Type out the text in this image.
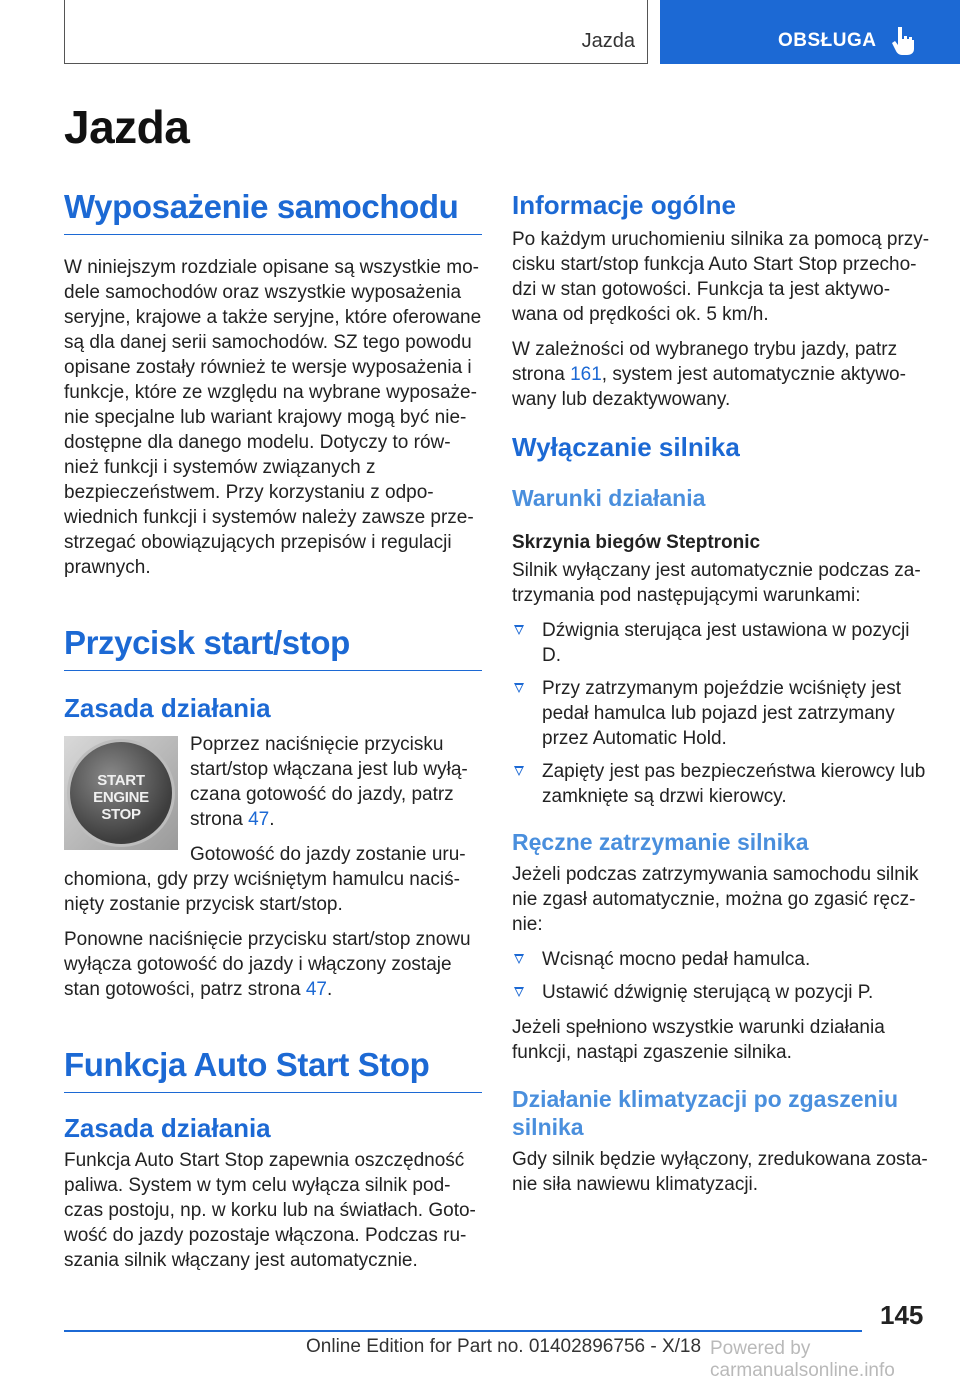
Jazda	OBSŁUGA
Jazda
Wyposażenie samochodu

W niniejszym rozdziale opisane są wszystkie mo‐dele samochodów oraz wszystkie wyposażenia seryjne, krajowe a także seryjne, które oferowane są dla danej serii samochodów. SZ tego powodu opisane zostały również te wersje wyposażenia i funkcje, które ze względu na wybrane wyposaże‐nie specjalne lub wariant krajowy mogą być nie‐dostępne dla danego modelu. Dotyczy to rów‐nież funkcji i systemów związanych z bezpieczeństwem. Przy korzystaniu z odpo‐wiednich funkcji i systemów należy zawsze prze‐strzegać obowiązujących przepisów i regulacji prawnych.

Przycisk start/stop
Zasada działania
START
ENGINE
STOP

Poprzez naciśnięcie przycisku start/stop włączana jest lub wyłą‐czana gotowość do jazdy, patrz strona 47.

Gotowość do jazdy zostanie uru‐chomiona, gdy przy wciśniętym hamulcu naciś‐nięty zostanie przycisk start/stop.

Ponowne naciśnięcie przycisku start/stop znowu wyłącza gotowość do jazdy i włączony zostaje stan gotowości, patrz strona 47.

Funkcja Auto Start Stop
Zasada działania

Funkcja Auto Start Stop zapewnia oszczędność paliwa. System w tym celu wyłącza silnik pod‐czas postoju, np. w korku lub na światłach. Goto‐wość do jazdy pozostaje włączona. Podczas ru‐szania silnik włączany jest automatycznie.

Informacje ogólne

Po każdym uruchomieniu silnika za pomocą przy‐cisku start/stop funkcja Auto Start Stop przecho‐dzi w stan gotowości. Funkcja ta jest aktywo‐wana od prędkości ok. 5 km/h.

W zależności od wybranego trybu jazdy, patrz strona 161, system jest automatycznie aktywo‐wany lub dezaktywowany.

Wyłączanie silnika
Warunki działania
Skrzynia biegów Steptronic

Silnik wyłączany jest automatycznie podczas za‐trzymania pod następującymi warunkami:

Dźwignia sterująca jest ustawiona w pozycji D.
Przy zatrzymanym pojeździe wciśnięty jest pedał hamulca lub pojazd jest zatrzymany przez Automatic Hold.
Zapięty jest pas bezpieczeństwa kierowcy lub zamknięte są drzwi kierowcy.
Ręczne zatrzymanie silnika

Jeżeli podczas zatrzymywania samochodu silnik nie zgasł automatycznie, można go zgasić ręcz‐nie:

Wcisnąć mocno pedał hamulca.
Ustawić dźwignię sterującą w pozycji P.

Jeżeli spełniono wszystkie warunki działania funkcji, nastąpi zgaszenie silnika.

Działanie klimatyzacji po zgaszeniu silnika

Gdy silnik będzie wyłączony, zredukowana zosta‐nie siła nawiewu klimatyzacji.

145
Online Edition for Part no. 01402896756 - X/18 Powered by carmanualsonline.info
